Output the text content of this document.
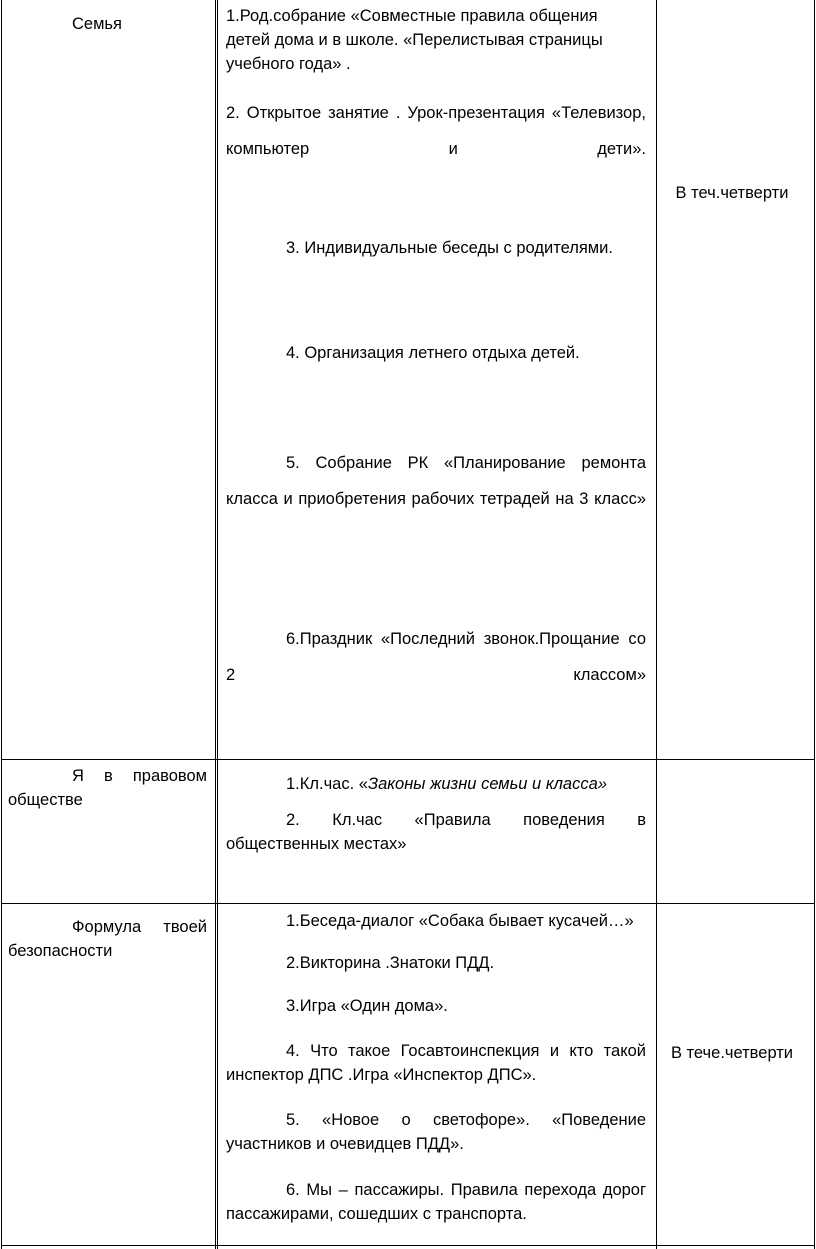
Семья	1.Род.собрание «Совместные правила общения детей дома и в школе. «Перелистывая страницы учебного года» .
2. Открытое занятие . Урок-презентация «Телевизор, компьютер и дети».
3. Индивидуальные беседы с родителями.
4. Организация летнего отдыха детей.
5. Собрание РК «Планирование ремонта класса и приобретения рабочих тетрадей на 3 класс»
6.Праздник «Последний звонок.Прощание со 2 классом»
В теч.четверти
Я в правовом обществе
1.Кл.час. «Законы жизни семьи и класса»
2. Кл.час «Правила поведения в общественных местах»
Формула твоей безопасности
1.Беседа-диалог «Собака бывает кусачей…»
2.Викторина .Знатоки ПДД.
3.Игра «Один дома».
4. Что такое Госавтоинспекция и кто такой инспектор ДПС .Игра «Инспектор ДПС».
5. «Новое о светофоре». «Поведение участников и очевидцев ПДД».
6. Мы – пассажиры. Правила перехода дорог пассажирами, сошедших с транспорта.
В тече.четверти
